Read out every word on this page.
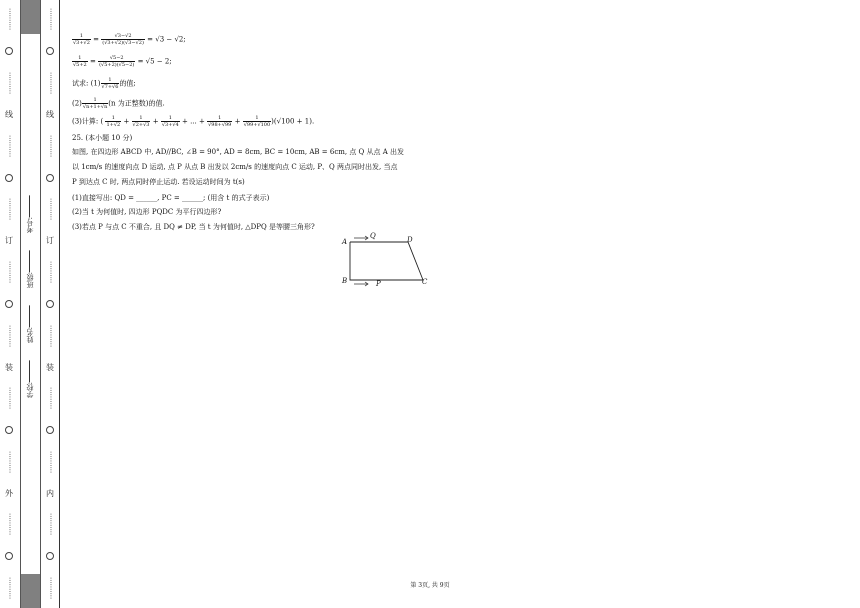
··········
··········
线
··········
··········
订
··········
··········
装
··········
··········
外
··········
··········
学校:
姓名:
班级:
考号:
··········
··········
线
··········
··········
订
··········
··········
装
··········
··········
内
··········
··········
$\frac{1}{√3+√2} = \frac{√3-√2}{(√3+√2)(√3-√2)} = √3 - √2$;
$\frac{1}{√5+2} = \frac{√5-2}{(√5+2)(√5-2)} = √5 - 2$;
试求: $(1) \frac{1}{√7+√6}$ 的值;
$(2) \frac{1}{√n+1+√n} (n$ 为正整数)的值.
(3)计算: ( $\frac{1}{1+√2} + \frac{1}{√2+√3} + \frac{1}{√3+√4}$ + ... + $\frac{1}{√98+√99} + \frac{1}{√99+√100} )(√100 + 1)$.
25. (本小题 10 分)
如图, 在四边形 ABCD 中, AD//BC, ∠B = 90°, AD = 8cm, BC = 10cm, AB = 6cm, 点 Q 从点 A 出发
以 1cm/s 的速度向点 D 运动, 点 P 从点 B 出发以 2cm/s 的速度向点 C 运动, P、Q 两点同时出发, 当点
P 到达点 C 时, 两点同时停止运动. 若设运动时间为 t(s)
(1)直接写出: QD = ______, PC = ______; (用含 t 的式子表示)
(2)当 t 为何值时, 四边形 PQDC 为平行四边形?
(3)若点 P 与点 C 不重合, 且 DQ ≠ DP, 当 t 为何值时, △DPQ 是等腰三角形?
A
Q	D
B	P	C
第 3页, 共 9页
